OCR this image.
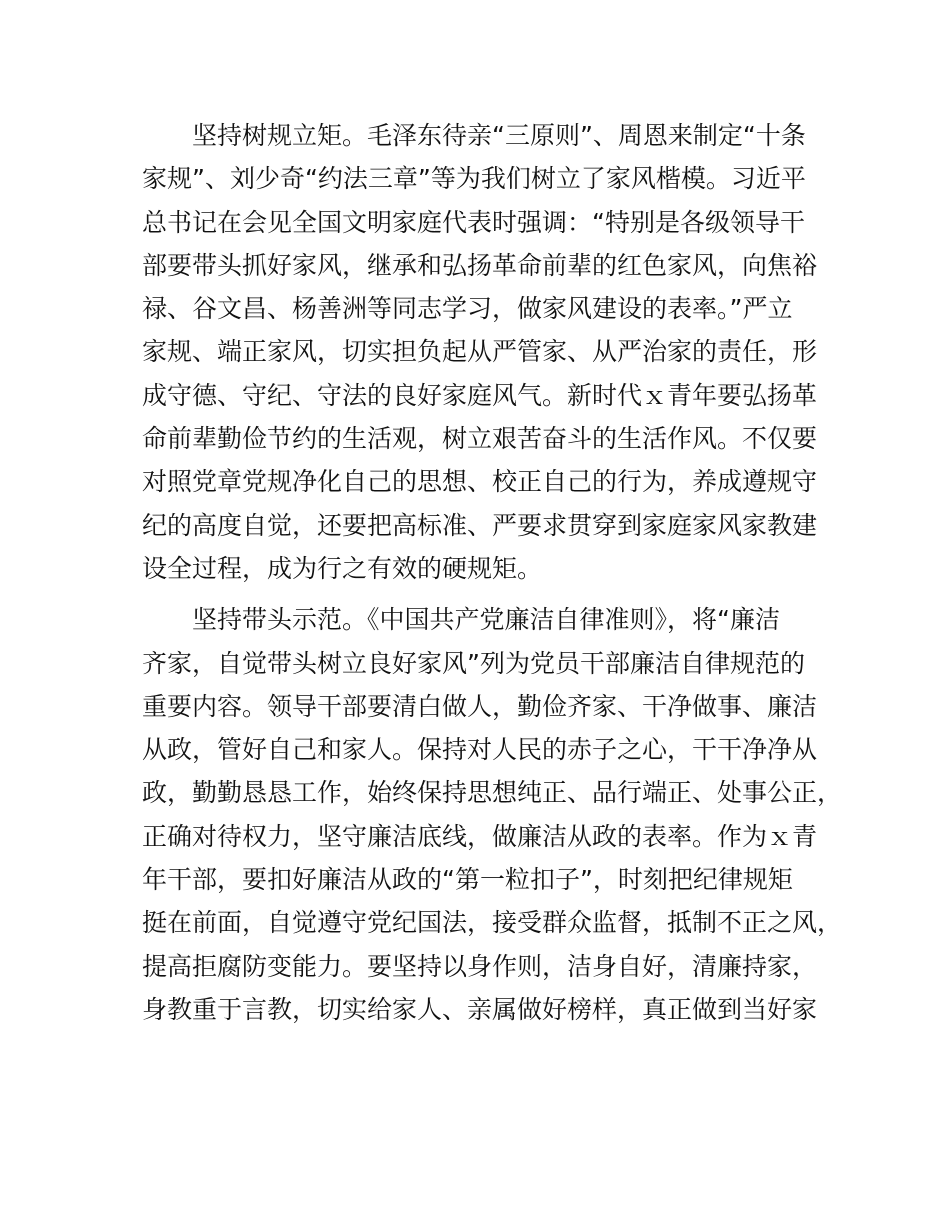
坚持树规立矩。毛泽东待亲“三原则”、周恩来制定“十条
家规”、刘少奇“约法三章”等为我们树立了家风楷模。习近平
总书记在会见全国文明家庭代表时强调：“特别是各级领导干
部要带头抓好家风，继承和弘扬革命前辈的红色家风，向焦裕
禄、谷文昌、杨善洲等同志学习，做家风建设的表率。”严立
家规、端正家风，切实担负起从严管家、从严治家的责任，形
成守德、守纪、守法的良好家庭风气。新时代ｘ青年要弘扬革
命前辈勤俭节约的生活观，树立艰苦奋斗的生活作风。不仅要
对照党章党规净化自己的思想、校正自己的行为，养成遵规守
纪的高度自觉，还要把高标准、严要求贯穿到家庭家风家教建
设全过程，成为行之有效的硬规矩。
坚持带头示范。《中国共产党廉洁自律准则》，将“廉洁
齐家，自觉带头树立良好家风”列为党员干部廉洁自律规范的
重要内容。领导干部要清白做人，勤俭齐家、干净做事、廉洁
从政，管好自己和家人。保持对人民的赤子之心，干干净净从
政，勤勤恳恳工作，始终保持思想纯正、品行端正、处事公正，
正确对待权力，坚守廉洁底线，做廉洁从政的表率。作为ｘ青
年干部，要扣好廉洁从政的“第一粒扣子”，时刻把纪律规矩
挺在前面，自觉遵守党纪国法，接受群众监督，抵制不正之风，
提高拒腐防变能力。要坚持以身作则，洁身自好，清廉持家，
身教重于言教，切实给家人、亲属做好榜样，真正做到当好家
